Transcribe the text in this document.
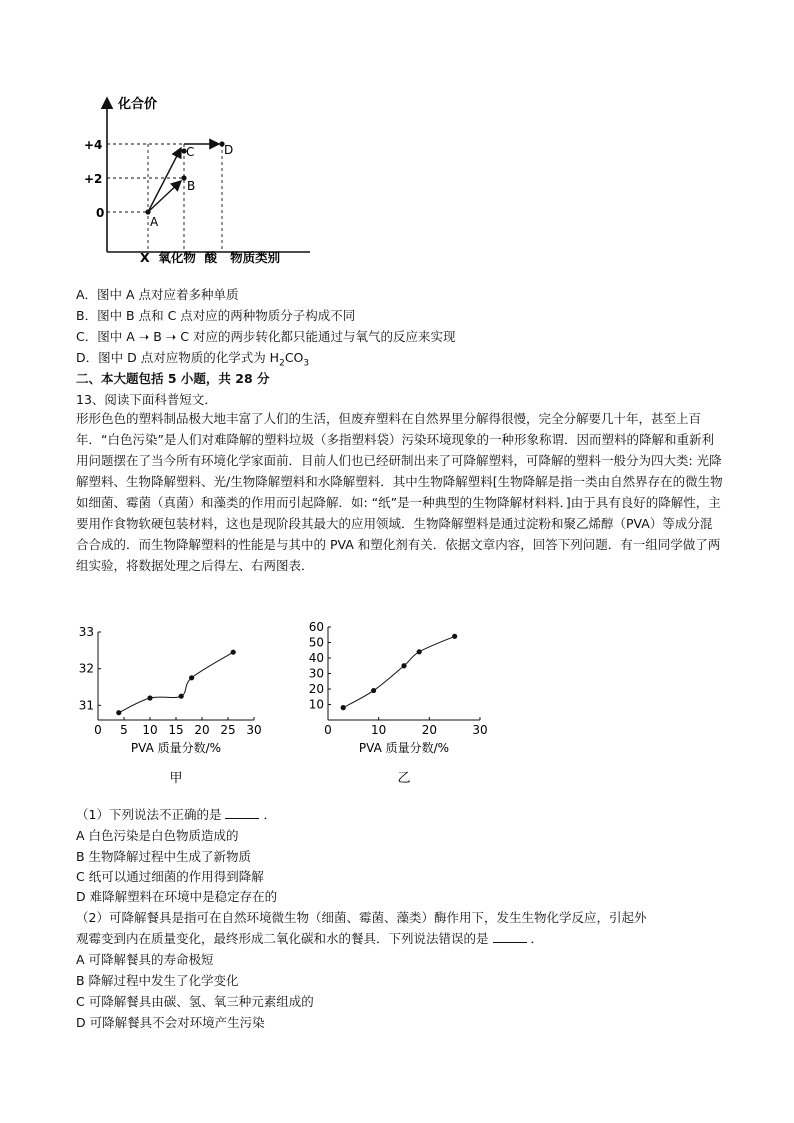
化合价
+4
+2
0
A
B
C D
X  氧化物  酸   物质类别
A．图中 A 点对应着多种单质
B．图中 B 点和 C 点对应的两种物质分子构成不同
C．图中 A ➝ B ➝ C 对应的两步转化都只能通过与氧气的反应来实现
D．图中 D 点对应物质的化学式为 $H_2CO_3$
二、本大题包括 5 小题，共 28 分
13、阅读下面科普短文．
形形色色的塑料制品极大地丰富了人们的生活，但废弃塑料在自然界里分解得很慢，完全分解要几十年，甚至上百年．“白色污染”是人们对难降解的塑料垃圾（多指塑料袋）污染环境现象的一种形象称谓．因而塑料的降解和重新利用问题摆在了当今所有环境化学家面前．目前人们也已经研制出来了可降解塑料，可降解的塑料一般分为四大类: 光降解塑料、生物降解塑料、光/生物降解塑料和水降解塑料．其中生物降解塑料[生物降解是指一类由自然界存在的微生物如细菌、霉菌（真菌）和藻类的作用而引起降解．如: “纸”是一种典型的生物降解材料料．]由于具有良好的降解性，主要用作食物软硬包装材料，这也是现阶段其最大的应用领域．生物降解塑料是通过淀粉和聚乙烯醇（PVA）等成分混合合成的．而生物降解塑料的性能是与其中的 PVA 和塑化剂有关．依据文章内容，回答下列问题．有一组同学做了两组实验，将数据处理之后得左、右两图表．
0 5 10 15 20 25 30
31
32
33
PVA 质量分数/%
甲
0	10	20	30
10
20
30
40
50
60
PVA 质量分数/%
乙
（1）下列说法不正确的是	．
A 白色污染是白色物质造成的
B 生物降解过程中生成了新物质
C 纸可以通过细菌的作用得到降解
D 难降解塑料在环境中是稳定存在的
（2）可降解餐具是指可在自然环境微生物（细菌、霉菌、藻类）酶作用下，发生生物化学反应，引起外
观霉变到内在质量变化，最终形成二氧化碳和水的餐具．下列说法错误的是	．
A 可降解餐具的寿命极短
B 降解过程中发生了化学变化
C 可降解餐具由碳、氢、氧三种元素组成的
D 可降解餐具不会对环境产生污染
